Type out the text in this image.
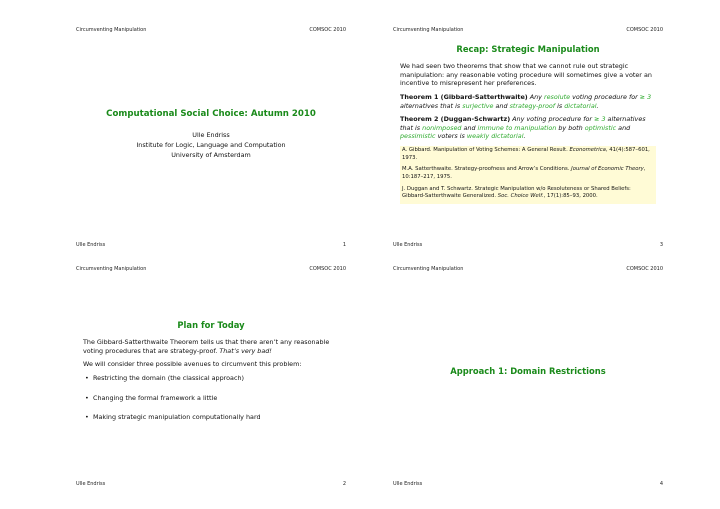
Circumventing Manipulation	COMSOC 2010
Computational Social Choice: Autumn 2010
Ulle Endriss
Institute for Logic, Language and Computation
University of Amsterdam
Ulle Endriss	1
Circumventing Manipulation	COMSOC 2010
Recap: Strategic Manipulation

We had seen two theorems that show that we cannot rule out strategic manipulation: any reasonable voting procedure will sometimes give a voter an incentive to misrepresent her preferences.

Theorem 1 (Gibbard-Satterthwaite) Any resolute voting procedure for ≥ 3 alternatives that is surjective and strategy-proof is dictatorial.

Theorem 2 (Duggan-Schwartz) Any voting procedure for ≥ 3 alternatives that is nonimposed and immune to manipulation by both optimistic and pessimistic voters is weakly dictatorial.

A. Gibbard. Manipulation of Voting Schemes: A General Result. Econometrica, 41(4):587–601, 1973.
M.A. Satterthwaite. Strategy-proofness and Arrow’s Conditions. Journal of Economic Theory, 10:187–217, 1975.
J. Duggan and T. Schwartz. Strategic Manipulation w/o Resoluteness or Shared Beliefs: Gibbard-Satterthwaite Generalized. Soc. Choice Welf., 17(1):85–93, 2000.
Ulle Endriss	3
Circumventing Manipulation	COMSOC 2010
Plan for Today

The Gibbard-Satterthwaite Theorem tells us that there aren’t any reasonable voting procedures that are strategy-proof. That’s very bad!

We will consider three possible avenues to circumvent this problem:

• Restricting the domain (the classical approach)
• Changing the formal framework a little
• Making strategic manipulation computationally hard
Ulle Endriss	2
Circumventing Manipulation	COMSOC 2010
Approach 1: Domain Restrictions
Ulle Endriss	4
